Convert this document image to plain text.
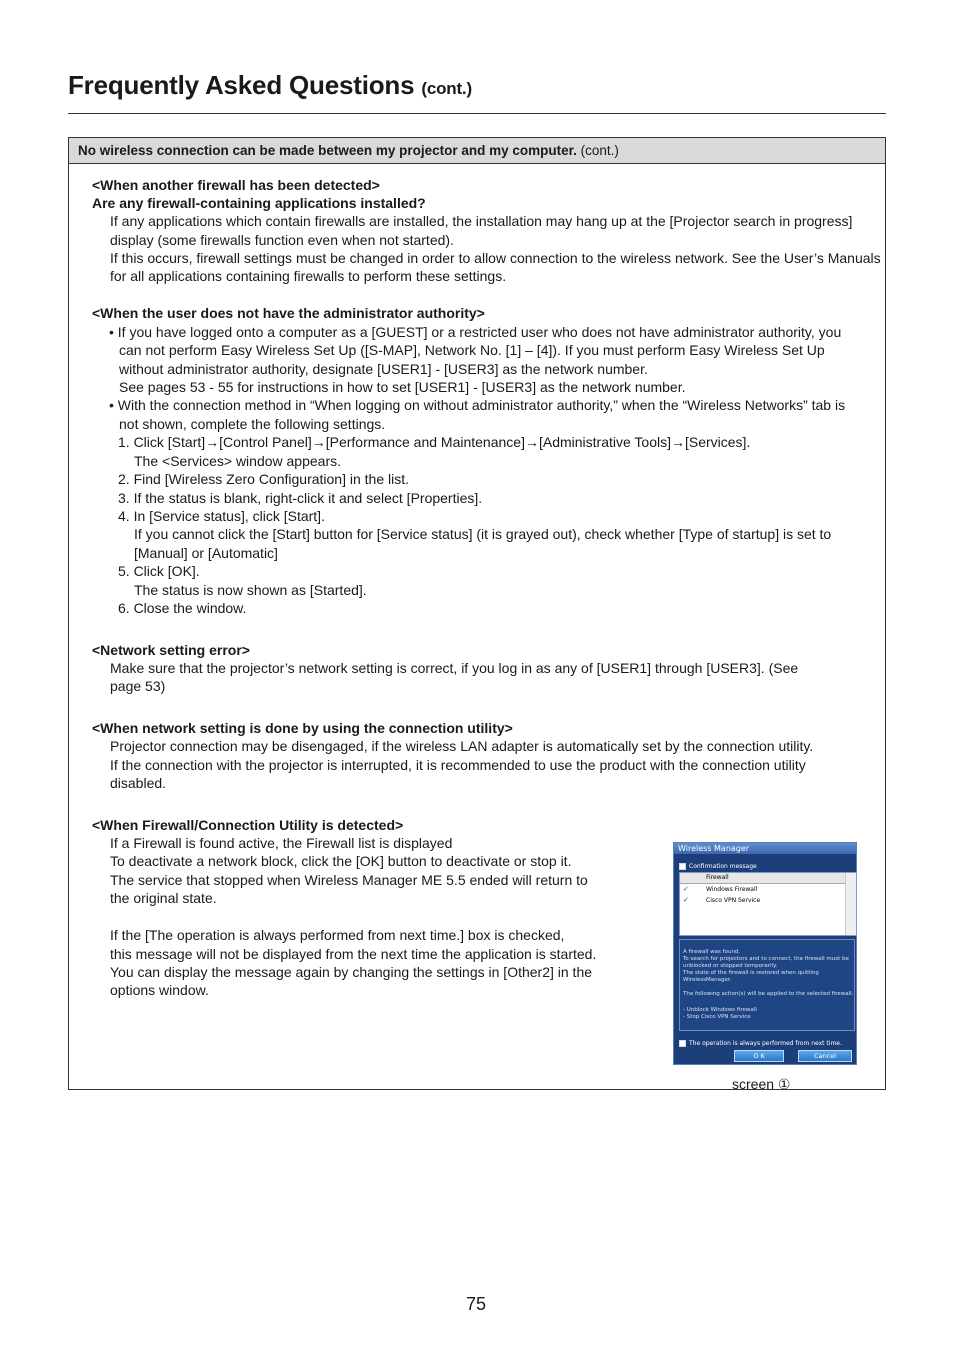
Frequently Asked Questions (cont.)
No wireless connection can be made between my projector and my computer. (cont.)
Wireless Manager
Confirmation message
Firewall
✓	Windows Firewall
✓	Cisco VPN Service
A firewall was found.
To search for projectors and to connect, the firewall must be
unblocked or stopped temporarily.
The state of the firewall is restored when quitting
WirelessManager.
The following action(s) will be applied to the selected firewall.
- Unblock Windows firewall
- Stop Cisco VPN Service
The operation is always performed from next time.
O K	Cancel
screen ①
<When another firewall has been detected>
Are any firewall-containing applications installed?
If any applications which contain firewalls are installed, the installation may hang up at the [Projector search in progress]
display (some firewalls function even when not started).
If this occurs, firewall settings must be changed in order to allow connection to the wireless network. See the User’s Manuals
for all applications containing firewalls to perform these settings.
<When the user does not have the administrator authority>
• If you have logged onto a computer as a [GUEST] or a restricted user who does not have administrator authority, you
can not perform Easy Wireless Set Up ([S-MAP], Network No. [1] – [4]). If you must perform Easy Wireless Set Up
without administrator authority, designate [USER1] - [USER3] as the network number.
See pages 53 - 55 for instructions in how to set [USER1] - [USER3] as the network number.
• With the connection method in “When logging on without administrator authority,” when the “Wireless Networks” tab is
not shown, complete the following settings.
1. Click [Start]→[Control Panel]→[Performance and Maintenance]→[Administrative Tools]→[Services].
The <Services> window appears.
2. Find [Wireless Zero Configuration] in the list.
3. If the status is blank, right-click it and select [Properties].
4. In [Service status], click [Start].
If you cannot click the [Start] button for [Service status] (it is grayed out), check whether [Type of startup] is set to
[Manual] or [Automatic]
5. Click [OK].
The status is now shown as [Started].
6. Close the window.
<Network setting error>
Make sure that the projector’s network setting is correct, if you log in as any of [USER1] through [USER3]. (See
page 53)
<When network setting is done by using the connection utility>
Projector connection may be disengaged, if the wireless LAN adapter is automatically set by the connection utility.
If the connection with the projector is interrupted, it is recommended to use the product with the connection utility
disabled.
<When Firewall/Connection Utility is detected>
If a Firewall is found active, the Firewall list is displayed
To deactivate a network block, click the [OK] button to deactivate or stop it.
The service that stopped when Wireless Manager ME 5.5 ended will return to
the original state.
If the [The operation is always performed from next time.] box is checked,
this message will not be displayed from the next time the application is started.
You can display the message again by changing the settings in [Other2] in the
options window.
75
